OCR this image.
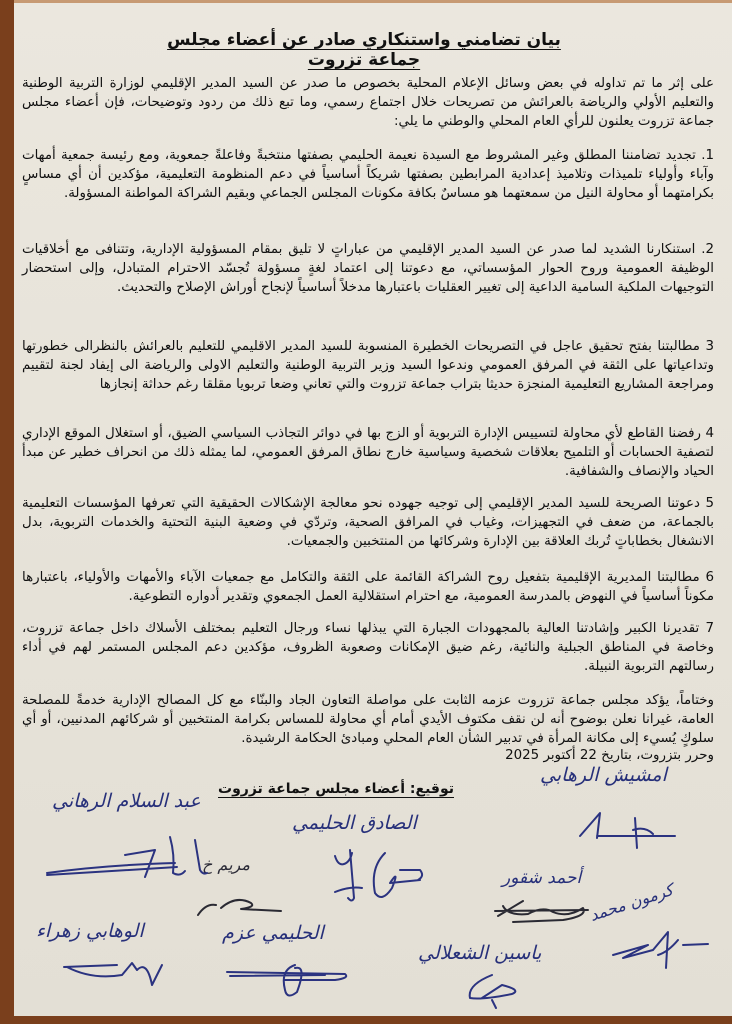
بيان تضامني واستنكاري صادر عن أعضاء مجلس جماعة تزروت
على إثر ما تم تداوله في بعض وسائل الإعلام المحلية بخصوص ما صدر عن السيد المدير الإقليمي لوزارة التربية الوطنية والتعليم الأولي والرياضة بالعرائش من تصريحات خلال اجتماع رسمي، وما تبع ذلك من ردود وتوضيحات، فإن أعضاء مجلس جماعة تزروت يعلنون للرأي العام المحلي والوطني ما يلي:
1. تجديد تضامننا المطلق وغير المشروط مع السيدة نعيمة الحليمي بصفتها منتخبةً وفاعلةً جمعوية، ومع رئيسة جمعية أمهات وآباء وأولياء تلميذات وتلاميذ إعدادية المرابطين بصفتها شريكاً أساسياً في دعم المنظومة التعليمية، مؤكدين أن أي مساسٍ بكرامتهما أو محاولة النيل من سمعتهما هو مساسٌ بكافة مكونات المجلس الجماعي وبقيم الشراكة المواطنة المسؤولة.
2. استنكارنا الشديد لما صدر عن السيد المدير الإقليمي من عباراتٍ لا تليق بمقام المسؤولية الإدارية، وتتنافى مع أخلاقيات الوظيفة العمومية وروح الحوار المؤسساتي، مع دعوتنا إلى اعتماد لغةٍ مسؤولة تُجسّد الاحترام المتبادل، وإلى استحضار التوجيهات الملكية السامية الداعية إلى تغيير العقليات باعتبارها مدخلاً أساسياً لإنجاح أوراش الإصلاح والتحديث.
3 مطالبتنا بفتح تحقيق عاجل في التصريحات الخطيرة المنسوبة للسيد المدير الاقليمي للتعليم بالعرائش بالنظرالى خطورتها وتداعياتها على الثقة في المرفق العمومي وندعوا السيد وزير التربية الوطنية والتعليم الاولى والرياضة الى إيفاد لجنة لتقييم ومراجعة المشاريع التعليمية المنجزة حديثا بتراب جماعة تزروت والتي تعاني وضعا تربويا مقلقا رغم حداثة إنجازها
4 رفضنا القاطع لأي محاولة لتسييس الإدارة التربوية أو الزج بها في دوائر التجاذب السياسي الضيق، أو استغلال الموقع الإداري لتصفية الحسابات أو التلميح بعلاقات شخصية وسياسية خارج نطاق المرفق العمومي، لما يمثله ذلك من انحراف خطير عن مبدأ الحياد والإنصاف والشفافية.
5 دعوتنا الصريحة للسيد المدير الإقليمي إلى توجيه جهوده نحو معالجة الإشكالات الحقيقية التي تعرفها المؤسسات التعليمية بالجماعة، من ضعف في التجهيزات، وغياب في المرافق الصحية، وتردّي في وضعية البنية التحتية والخدمات التربوية، بدل الانشغال بخطاباتٍ تُربك العلاقة بين الإدارة وشركائها من المنتخبين والجمعيات.
6 مطالبتنا المديرية الإقليمية بتفعيل روح الشراكة القائمة على الثقة والتكامل مع جمعيات الآباء والأمهات والأولياء، باعتبارها مكوناً أساسياً في النهوض بالمدرسة العمومية، مع احترام استقلالية العمل الجمعوي وتقدير أدواره التطوعية.
7 تقديرنا الكبير وإشادتنا العالية بالمجهودات الجبارة التي يبذلها نساء ورجال التعليم بمختلف الأسلاك داخل جماعة تزروت، وخاصة في المناطق الجبلية والنائية، رغم ضيق الإمكانات وصعوبة الظروف، مؤكدين دعم المجلس المستمر لهم في أداء رسالتهم التربوية النبيلة.
وختاماً، يؤكد مجلس جماعة تزروت عزمه الثابت على مواصلة التعاون الجاد والبنّاء مع كل المصالح الإدارية خدمةً للمصلحة العامة، غيرانا نعلن بوضوح أنه لن نقف مكتوف الأيدي أمام أي محاولة للمساس بكرامة المنتخبين أو شركائهم المدنيين، أو أي سلوكٍ يُسيء إلى مكانة المرأة في تدبير الشأن العام المحلي ومبادئ الحكامة الرشيدة.
وحرر بتزروت، بتاريخ 22 أكتوبر 2025
توقيع: أعضاء مجلس جماعة تزروت
امشيش الرهابي
عبد السلام الرهاني
الصادق الحليمي
مريم خ
أحمد شقور
كرمون محمد
الوهابي زهراء	الحليمي عزم
ياسين الشعلالي
